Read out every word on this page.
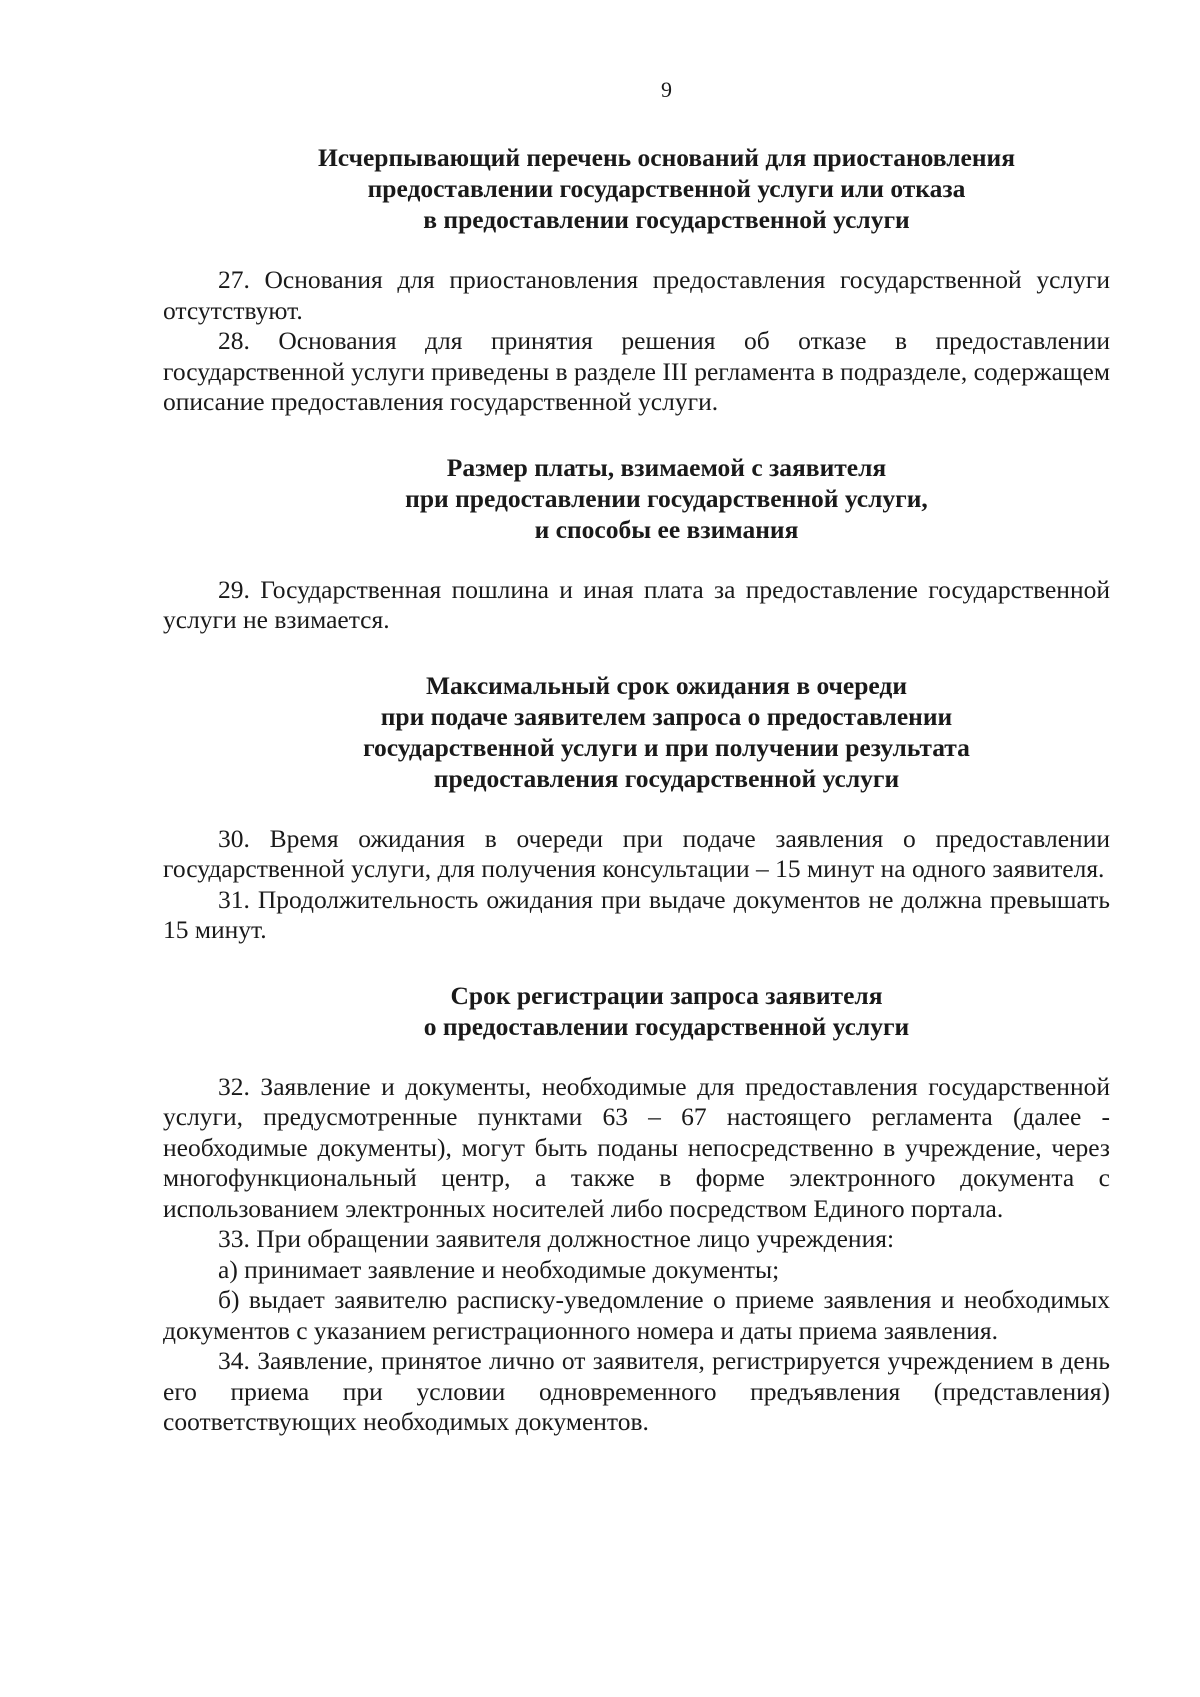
9
Исчерпывающий перечень оснований для приостановления
предоставлении государственной услуги или отказа
в предоставлении государственной услуги

27. Основания для приостановления предоставления государственной услуги отсутствуют.

28. Основания для принятия решения об отказе в предоставлении государственной услуги приведены в разделе III регламента в подразделе, содержащем описание предоставления государственной услуги.

Размер платы, взимаемой с заявителя
при предоставлении государственной услуги,
и способы ее взимания

29. Государственная пошлина и иная плата за предоставление государственной услуги не взимается.

Максимальный срок ожидания в очереди
при подаче заявителем запроса о предоставлении
государственной услуги и при получении результата
предоставления государственной услуги

30. Время ожидания в очереди при подаче заявления о предоставлении государственной услуги, для получения консультации – 15 минут на одного заявителя.

31. Продолжительность ожидания при выдаче документов не должна превышать 15 минут.

Срок регистрации запроса заявителя
о предоставлении государственной услуги

32. Заявление и документы, необходимые для предоставления государственной услуги, предусмотренные пунктами 63 – 67 настоящего регламента (далее - необходимые документы), могут быть поданы непосредственно в учреждение, через многофункциональный центр, а также в форме электронного документа с использованием электронных носителей либо посредством Единого портала.

33. При обращении заявителя должностное лицо учреждения:

а) принимает заявление и необходимые документы;

б) выдает заявителю расписку-уведомление о приеме заявления и необходимых документов с указанием регистрационного номера и даты приема заявления.

34. Заявление, принятое лично от заявителя, регистрируется учреждением в день его приема при условии одновременного предъявления (представления) соответствующих необходимых документов.
